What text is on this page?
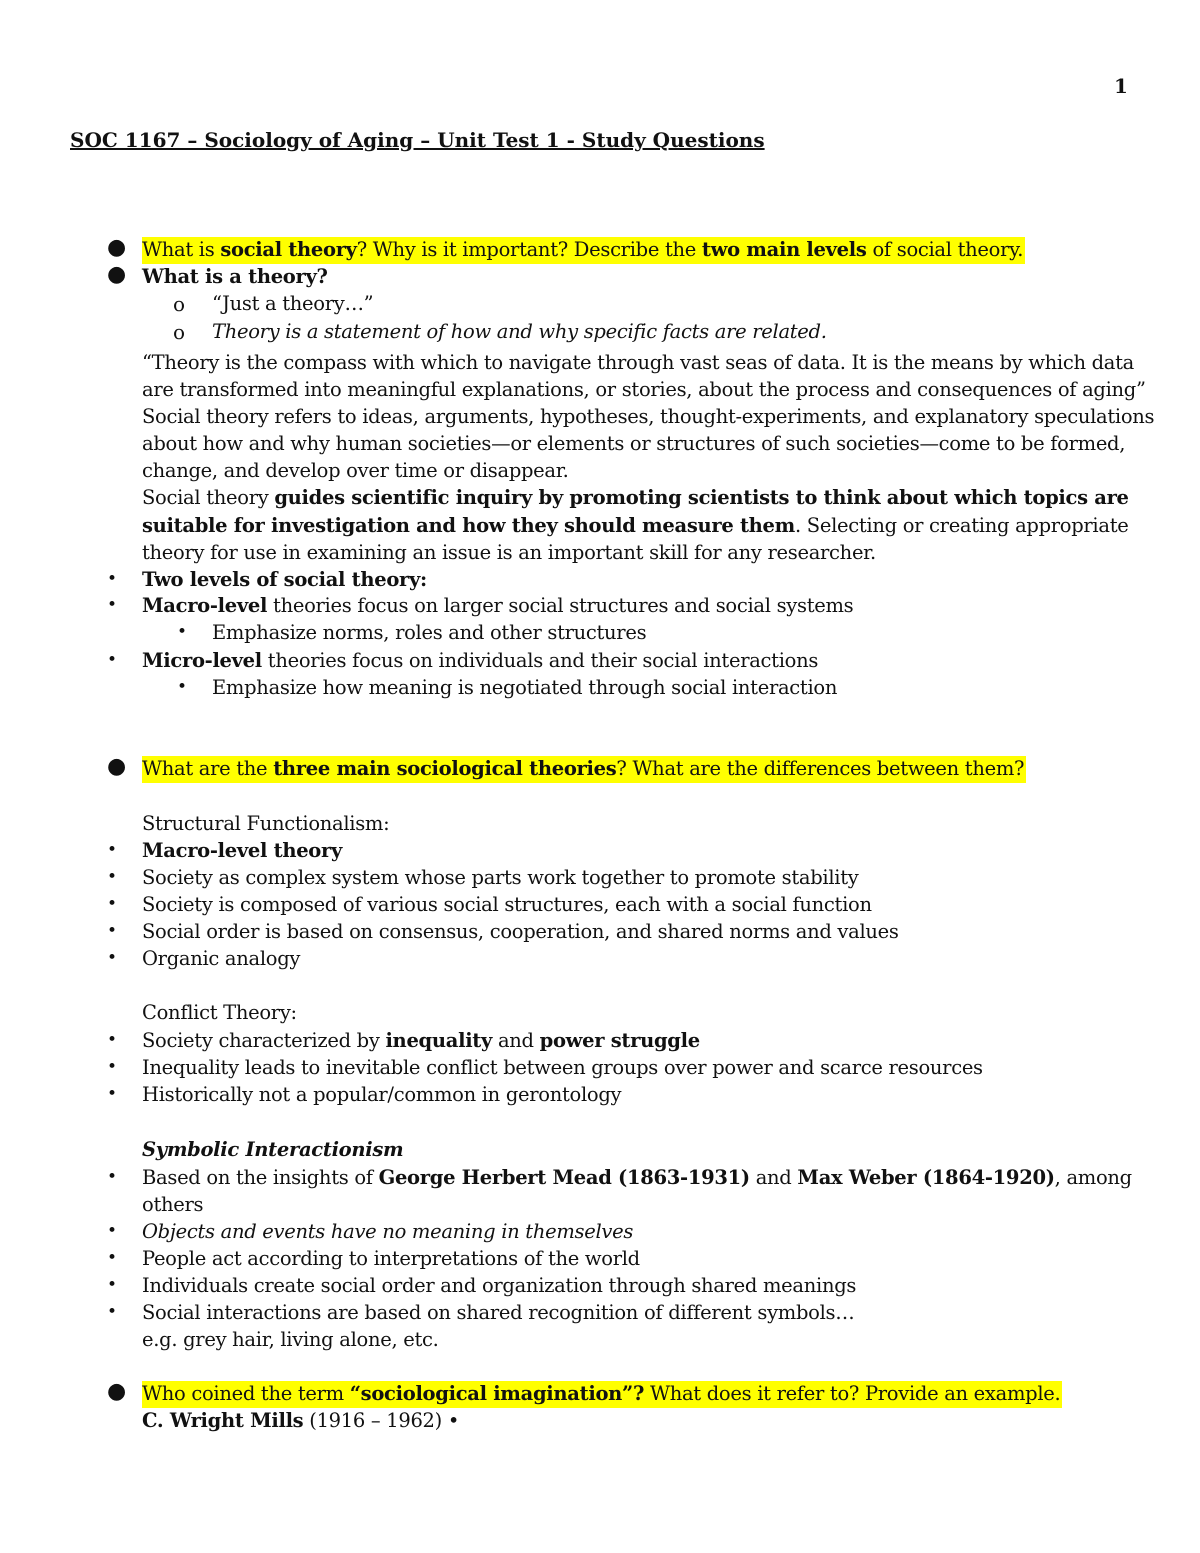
1
SOC 1167 – Sociology of Aging – Unit Test 1 - Study Questions
● What is social theory? Why is it important? Describe the two main levels of social theory.
● What is a theory?
o “Just a theory…”
o Theory is a statement of how and why specific facts are related.
“Theory is the compass with which to navigate through vast seas of data. It is the means by which data
are transformed into meaningful explanations, or stories, about the process and consequences of aging”
Social theory refers to ideas, arguments, hypotheses, thought-experiments, and explanatory speculations
about how and why human societies—or elements or structures of such societies—come to be formed,
change, and develop over time or disappear.
Social theory guides scientific inquiry by promoting scientists to think about which topics are
suitable for investigation and how they should measure them. Selecting or creating appropriate
theory for use in examining an issue is an important skill for any researcher.
• Two levels of social theory:
• Macro-level theories focus on larger social structures and social systems
• Emphasize norms, roles and other structures
• Micro-level theories focus on individuals and their social interactions
• Emphasize how meaning is negotiated through social interaction
● What are the three main sociological theories? What are the differences between them?
Structural Functionalism:
• Macro-level theory
• Society as complex system whose parts work together to promote stability
• Society is composed of various social structures, each with a social function
• Social order is based on consensus, cooperation, and shared norms and values
• Organic analogy
Conflict Theory:
• Society characterized by inequality and power struggle
• Inequality leads to inevitable conflict between groups over power and scarce resources
• Historically not a popular/common in gerontology
Symbolic Interactionism
• Based on the insights of George Herbert Mead (1863-1931) and Max Weber (1864-1920), among
others
• Objects and events have no meaning in themselves
• People act according to interpretations of the world
• Individuals create social order and organization through shared meanings
• Social interactions are based on shared recognition of different symbols…
e.g. grey hair, living alone, etc.
● Who coined the term “sociological imagination”? What does it refer to? Provide an example.
C. Wright Mills (1916 – 1962) •
